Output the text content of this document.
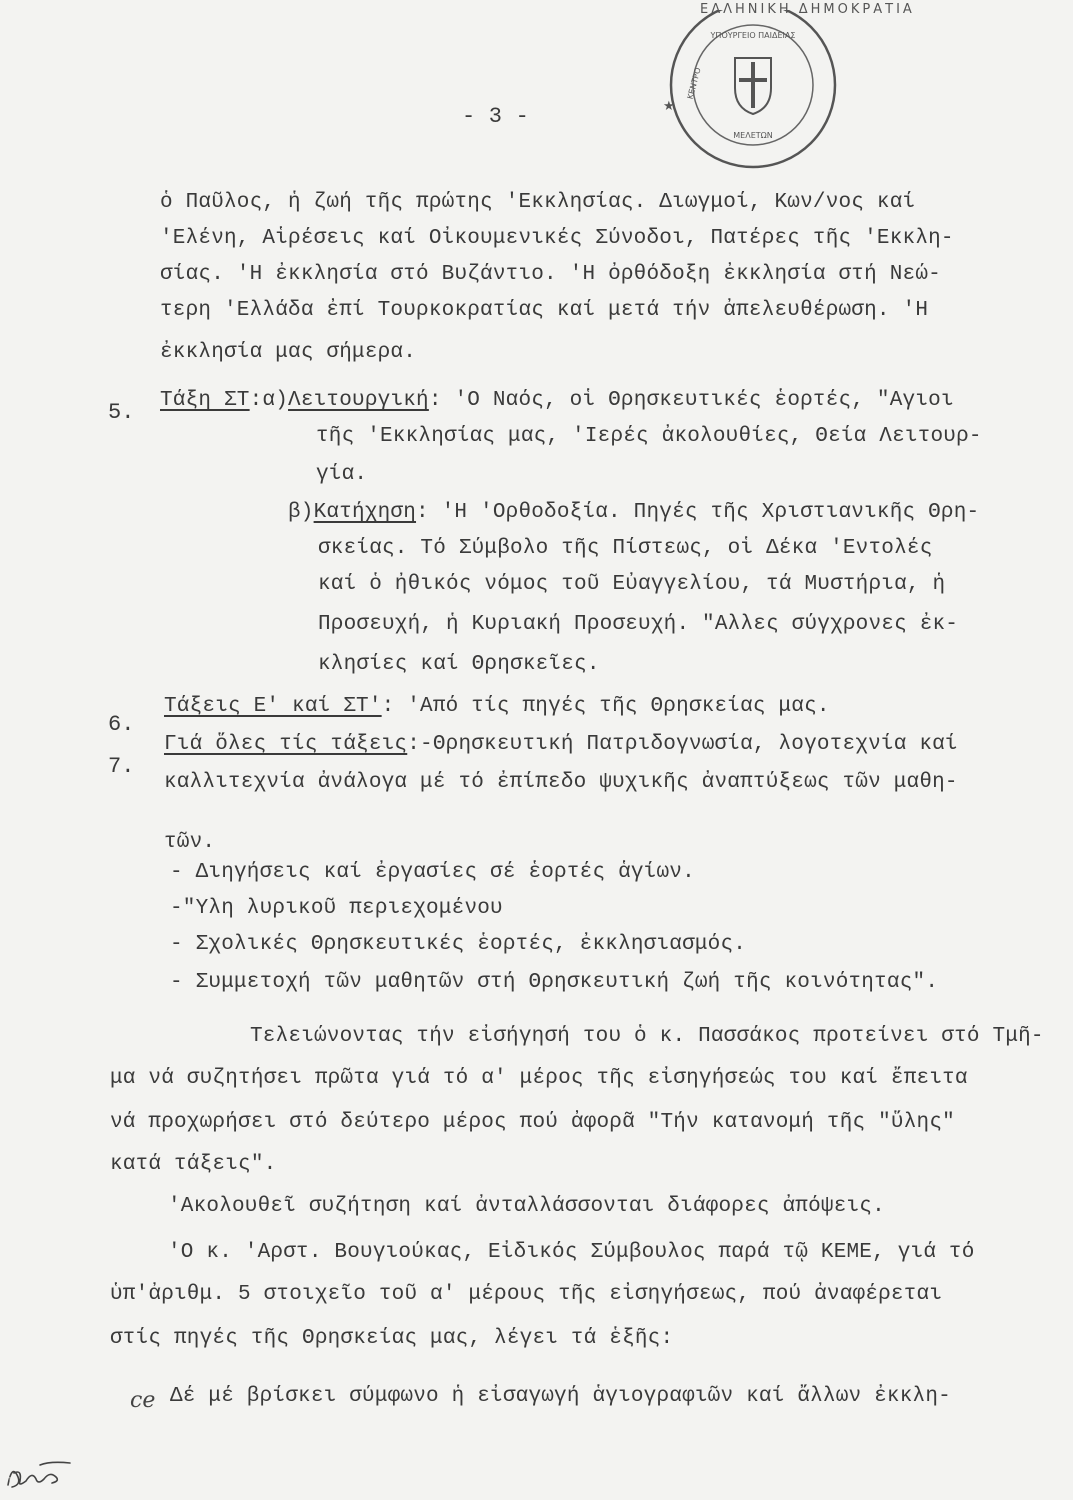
ΥΠΟΥΡΓΕΙΟ ΠΑΙΔΕΙΑΣ
ΜΕΛΕΤΩΝ
ΚΕΝΤΡΟ
★
ΕΛΛΗΝΙΚΗ ΔΗΜΟΚΡΑΤΙΑ
- 3 -
ὁ Παῦλος, ἡ ζωή τῆς πρώτης 'Εκκλησίας. Διωγμοί, Κων/νος καί
'Ελένη, Αἱρέσεις καί Οἰκουμενικές Σύνοδοι, Πατέρες τῆς 'Εκκλη-
σίας. 'Η ἐκκλησία στό Βυζάντιο. 'Η ὀρθόδοξη ἐκκλησία στή Νεώ-
τερη 'Ελλάδα ἐπί Τουρκοκρατίας καί μετά τήν ἀπελευθέρωση. 'Η
ἐκκλησία μας σήμερα.
5. Τάξη ΣΤ:α)Λειτουργική: 'Ο Ναός, οἱ Θρησκευτικές ἑορτές, "Αγιοι
τῆς 'Εκκλησίας μας, 'Ιερές ἀκολουθίες, Θεία Λειτουρ-
γία.
β)Κατήχηση: 'Η 'Ορθοδοξία. Πηγές τῆς Χριστιανικῆς Θρη-
σκείας. Τό Σύμβολο τῆς Πίστεως, οἱ Δέκα 'Εντολές
καί ὁ ἠθικός νόμος τοῦ Εὐαγγελίου, τά Μυστήρια, ἡ
Προσευχή, ἡ Κυριακή Προσευχή. "Αλλες σύγχρονες ἐκ-
κλησίες καί Θρησκεῖες.
6.
Τάξεις Ε' καί ΣΤ': 'Από τίς πηγές τῆς Θρησκείας μας.
7.
Γιά ὅλες τίς τάξεις:-Θρησκευτική Πατριδογνωσία, λογοτεχνία καί
καλλιτεχνία ἀνάλογα μέ τό ἐπίπεδο ψυχικῆς ἀναπτύξεως τῶν μαθη-
τῶν.
- Διηγήσεις καί ἐργασίες σέ ἑορτές ἁγίων.
-"Υλη λυρικοῦ περιεχομένου
- Σχολικές Θρησκευτικές ἑορτές, ἐκκλησιασμός.
- Συμμετοχή τῶν μαθητῶν στή Θρησκευτική ζωή τῆς κοινότητας".
Τελειώνοντας τήν εἰσήγησή του ὁ κ. Πασσάκος προτείνει στό Τμῆ-
μα νά συζητήσει πρῶτα γιά τό α' μέρος τῆς εἰσηγήσεώς του καί ἔπειτα
νά προχωρήσει στό δεύτερο μέρος πού ἀφορᾶ "Τήν κατανομή τῆς "ὕλης"
κατά τάξεις".
'Ακολουθεῖ συζήτηση καί ἀνταλλάσσονται διάφορες ἀπόψεις.
'Ο κ. 'Αρστ. Βουγιούκας, Εἰδικός Σύμβουλος παρά τῷ ΚΕΜΕ, γιά τό
ὑπ'ἀριθμ. 5 στοιχεῖο τοῦ α' μέρους τῆς εἰσηγήσεως, πού ἀναφέρεται
στίς πηγές τῆς Θρησκείας μας, λέγει τά ἑξῆς:
ce Δέ μέ βρίσκει σύμφωνο ἡ εἰσαγωγή ἁγιογραφιῶν καί ἄλλων ἐκκλη-
Βιτ
